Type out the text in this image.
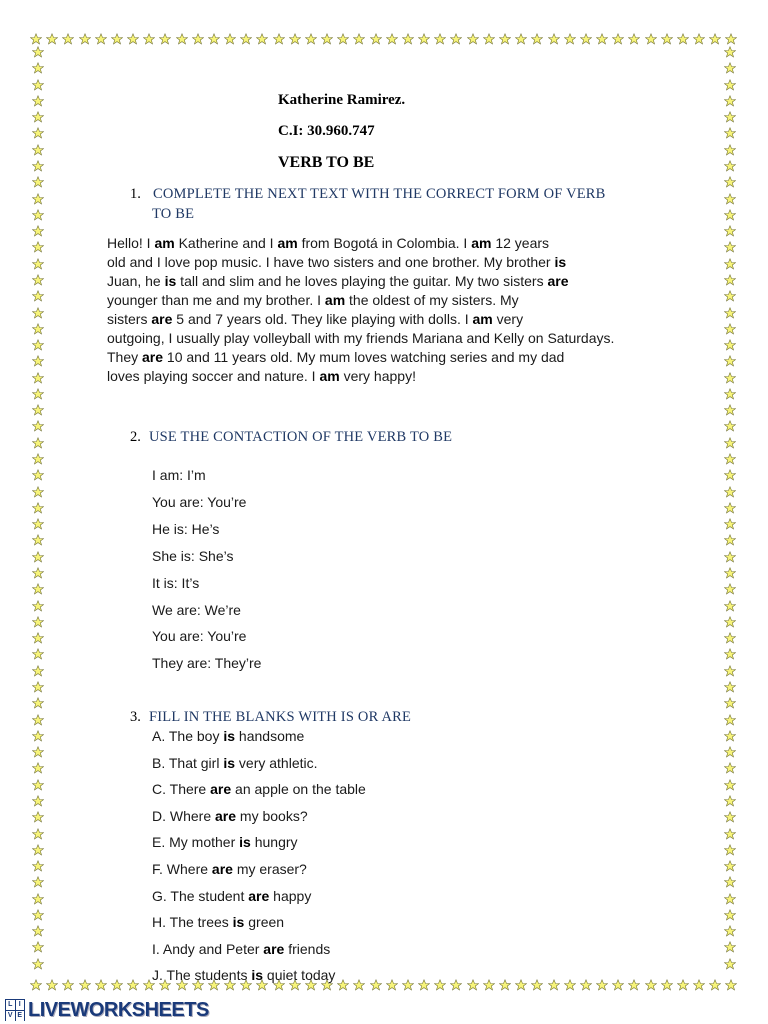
Katherine Ramirez.
C.I: 30.960.747
VERB TO BE
1. COMPLETE THE NEXT TEXT WITH THE CORRECT FORM OF VERB
TO BE
Hello! I am Katherine and I am from Bogotá in Colombia. I am 12 years
old and I love pop music. I have two sisters and one brother. My brother is
Juan, he is tall and slim and he loves playing the guitar. My two sisters are
younger than me and my brother. I am the oldest of my sisters. My
sisters are 5 and 7 years old. They like playing with dolls. I am very
outgoing, I usually play volleyball with my friends Mariana and Kelly on Saturdays.
They are 10 and 11 years old. My mum loves watching series and my dad
loves playing soccer and nature. I am very happy!
2. USE THE CONTACTION OF THE VERB TO BE
I am: I’m
You are: You’re
He is: He’s
She is: She’s
It is: It’s
We are: We’re
You are: You’re
They are: They’re
3. FILL IN THE BLANKS WITH IS OR ARE
A. The boy is handsome
B. That girl is very athletic.
C. There are an apple on the table
D. Where are my books?
E. My mother is hungry
F. Where are my eraser?
G. The student are happy
H. The trees is green
I. Andy and Peter are friends
J. The students is quiet today
L I
V E LIVEWORKSHEETS
